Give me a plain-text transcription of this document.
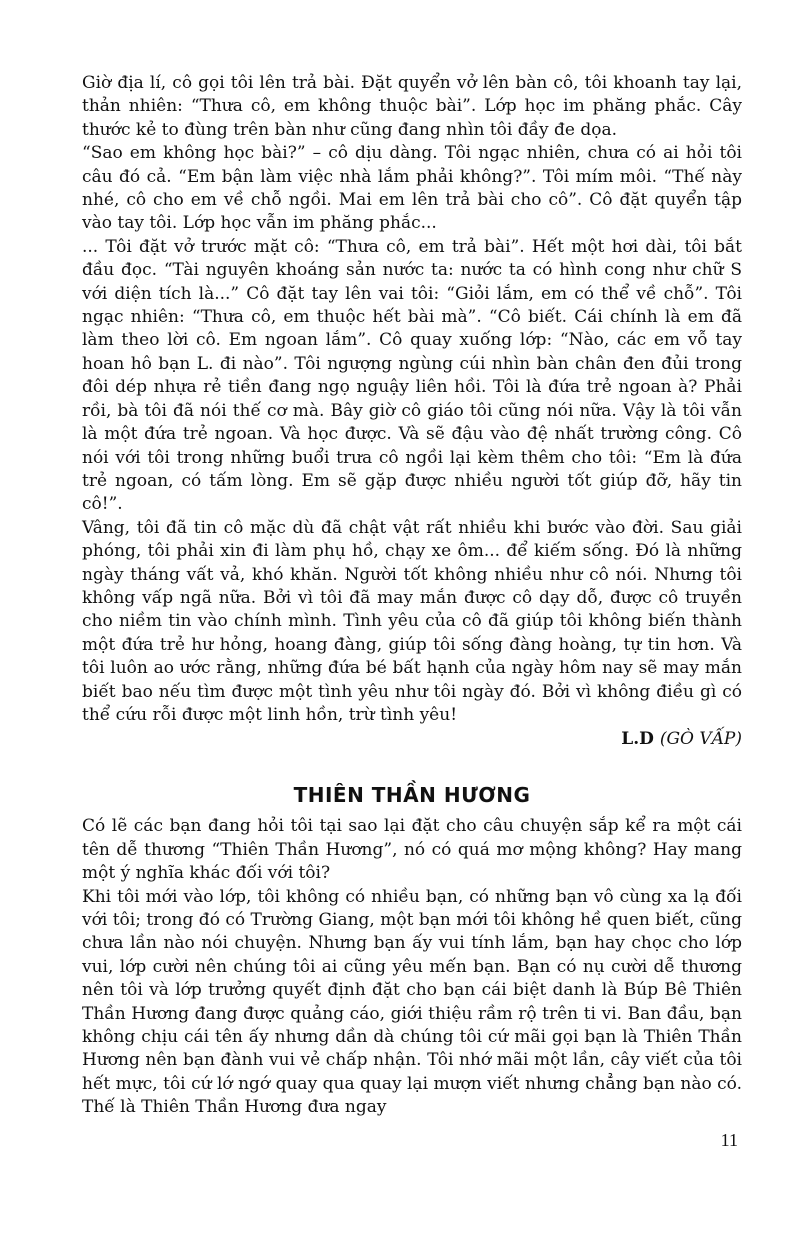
Giờ địa lí, cô gọi tôi lên trả bài. Đặt quyển vở lên bàn cô, tôi khoanh tay lại, thản nhiên: “Thưa cô, em không thuộc bài”. Lớp học im phăng phắc. Cây thước kẻ to đùng trên bàn như cũng đang nhìn tôi đầy đe dọa.

“Sao em không học bài?” – cô dịu dàng. Tôi ngạc nhiên, chưa có ai hỏi tôi câu đó cả. “Em bận làm việc nhà lắm phải không?”. Tôi mím môi. “Thế này nhé, cô cho em về chỗ ngồi. Mai em lên trả bài cho cô”. Cô đặt quyển tập vào tay tôi. Lớp học vẫn im phăng phắc...

... Tôi đặt vở trước mặt cô: “Thưa cô, em trả bài”. Hết một hơi dài, tôi bắt đầu đọc. “Tài nguyên khoáng sản nước ta: nước ta có hình cong như chữ S với diện tích là...” Cô đặt tay lên vai tôi: “Giỏi lắm, em có thể về chỗ”. Tôi ngạc nhiên: “Thưa cô, em thuộc hết bài mà”. “Cô biết. Cái chính là em đã làm theo lời cô. Em ngoan lắm”. Cô quay xuống lớp: “Nào, các em vỗ tay hoan hô bạn L. đi nào”. Tôi ngượng ngùng cúi nhìn bàn chân đen đủi trong đôi dép nhựa rẻ tiền đang ngọ nguậy liên hồi. Tôi là đứa trẻ ngoan à? Phải rồi, bà tôi đã nói thế cơ mà. Bây giờ cô giáo tôi cũng nói nữa. Vậy là tôi vẫn là một đứa trẻ ngoan. Và học được. Và sẽ đậu vào đệ nhất trường công. Cô nói với tôi trong những buổi trưa cô ngồi lại kèm thêm cho tôi: “Em là đứa trẻ ngoan, có tấm lòng. Em sẽ gặp được nhiều người tốt giúp đỡ, hãy tin cô!”.

Vâng, tôi đã tin cô mặc dù đã chật vật rất nhiều khi bước vào đời. Sau giải phóng, tôi phải xin đi làm phụ hồ, chạy xe ôm... để kiếm sống. Đó là những ngày tháng vất vả, khó khăn. Người tốt không nhiều như cô nói. Nhưng tôi không vấp ngã nữa. Bởi vì tôi đã may mắn được cô dạy dỗ, được cô truyền cho niềm tin vào chính mình. Tình yêu của cô đã giúp tôi không biến thành một đứa trẻ hư hỏng, hoang đàng, giúp tôi sống đàng hoàng, tự tin hơn. Và tôi luôn ao ước rằng, những đứa bé bất hạnh của ngày hôm nay sẽ may mắn biết bao nếu tìm được một tình yêu như tôi ngày đó. Bởi vì không điều gì có thể cứu rỗi được một linh hồn, trừ tình yêu!

L.D (GÒ VẤP)

THIÊN THẦN HƯƠNG

Có lẽ các bạn đang hỏi tôi tại sao lại đặt cho câu chuyện sắp kể ra một cái tên dễ thương “Thiên Thần Hương”, nó có quá mơ mộng không? Hay mang một ý nghĩa khác đối với tôi?

Khi tôi mới vào lớp, tôi không có nhiều bạn, có những bạn vô cùng xa lạ đối với tôi; trong đó có Trường Giang, một bạn mới tôi không hề quen biết, cũng chưa lần nào nói chuyện. Nhưng bạn ấy vui tính lắm, bạn hay chọc cho lớp vui, lớp cười nên chúng tôi ai cũng yêu mến bạn. Bạn có nụ cười dễ thương nên tôi và lớp trưởng quyết định đặt cho bạn cái biệt danh là Búp Bê Thiên Thần Hương đang được quảng cáo, giới thiệu rầm rộ trên ti vi. Ban đầu, bạn không chịu cái tên ấy nhưng dần dà chúng tôi cứ mãi gọi bạn là Thiên Thần Hương nên bạn đành vui vẻ chấp nhận. Tôi nhớ mãi một lần, cây viết của tôi hết mực, tôi cứ lớ ngớ quay qua quay lại mượn viết nhưng chẳng bạn nào có. Thế là Thiên Thần Hương đưa ngay

11
